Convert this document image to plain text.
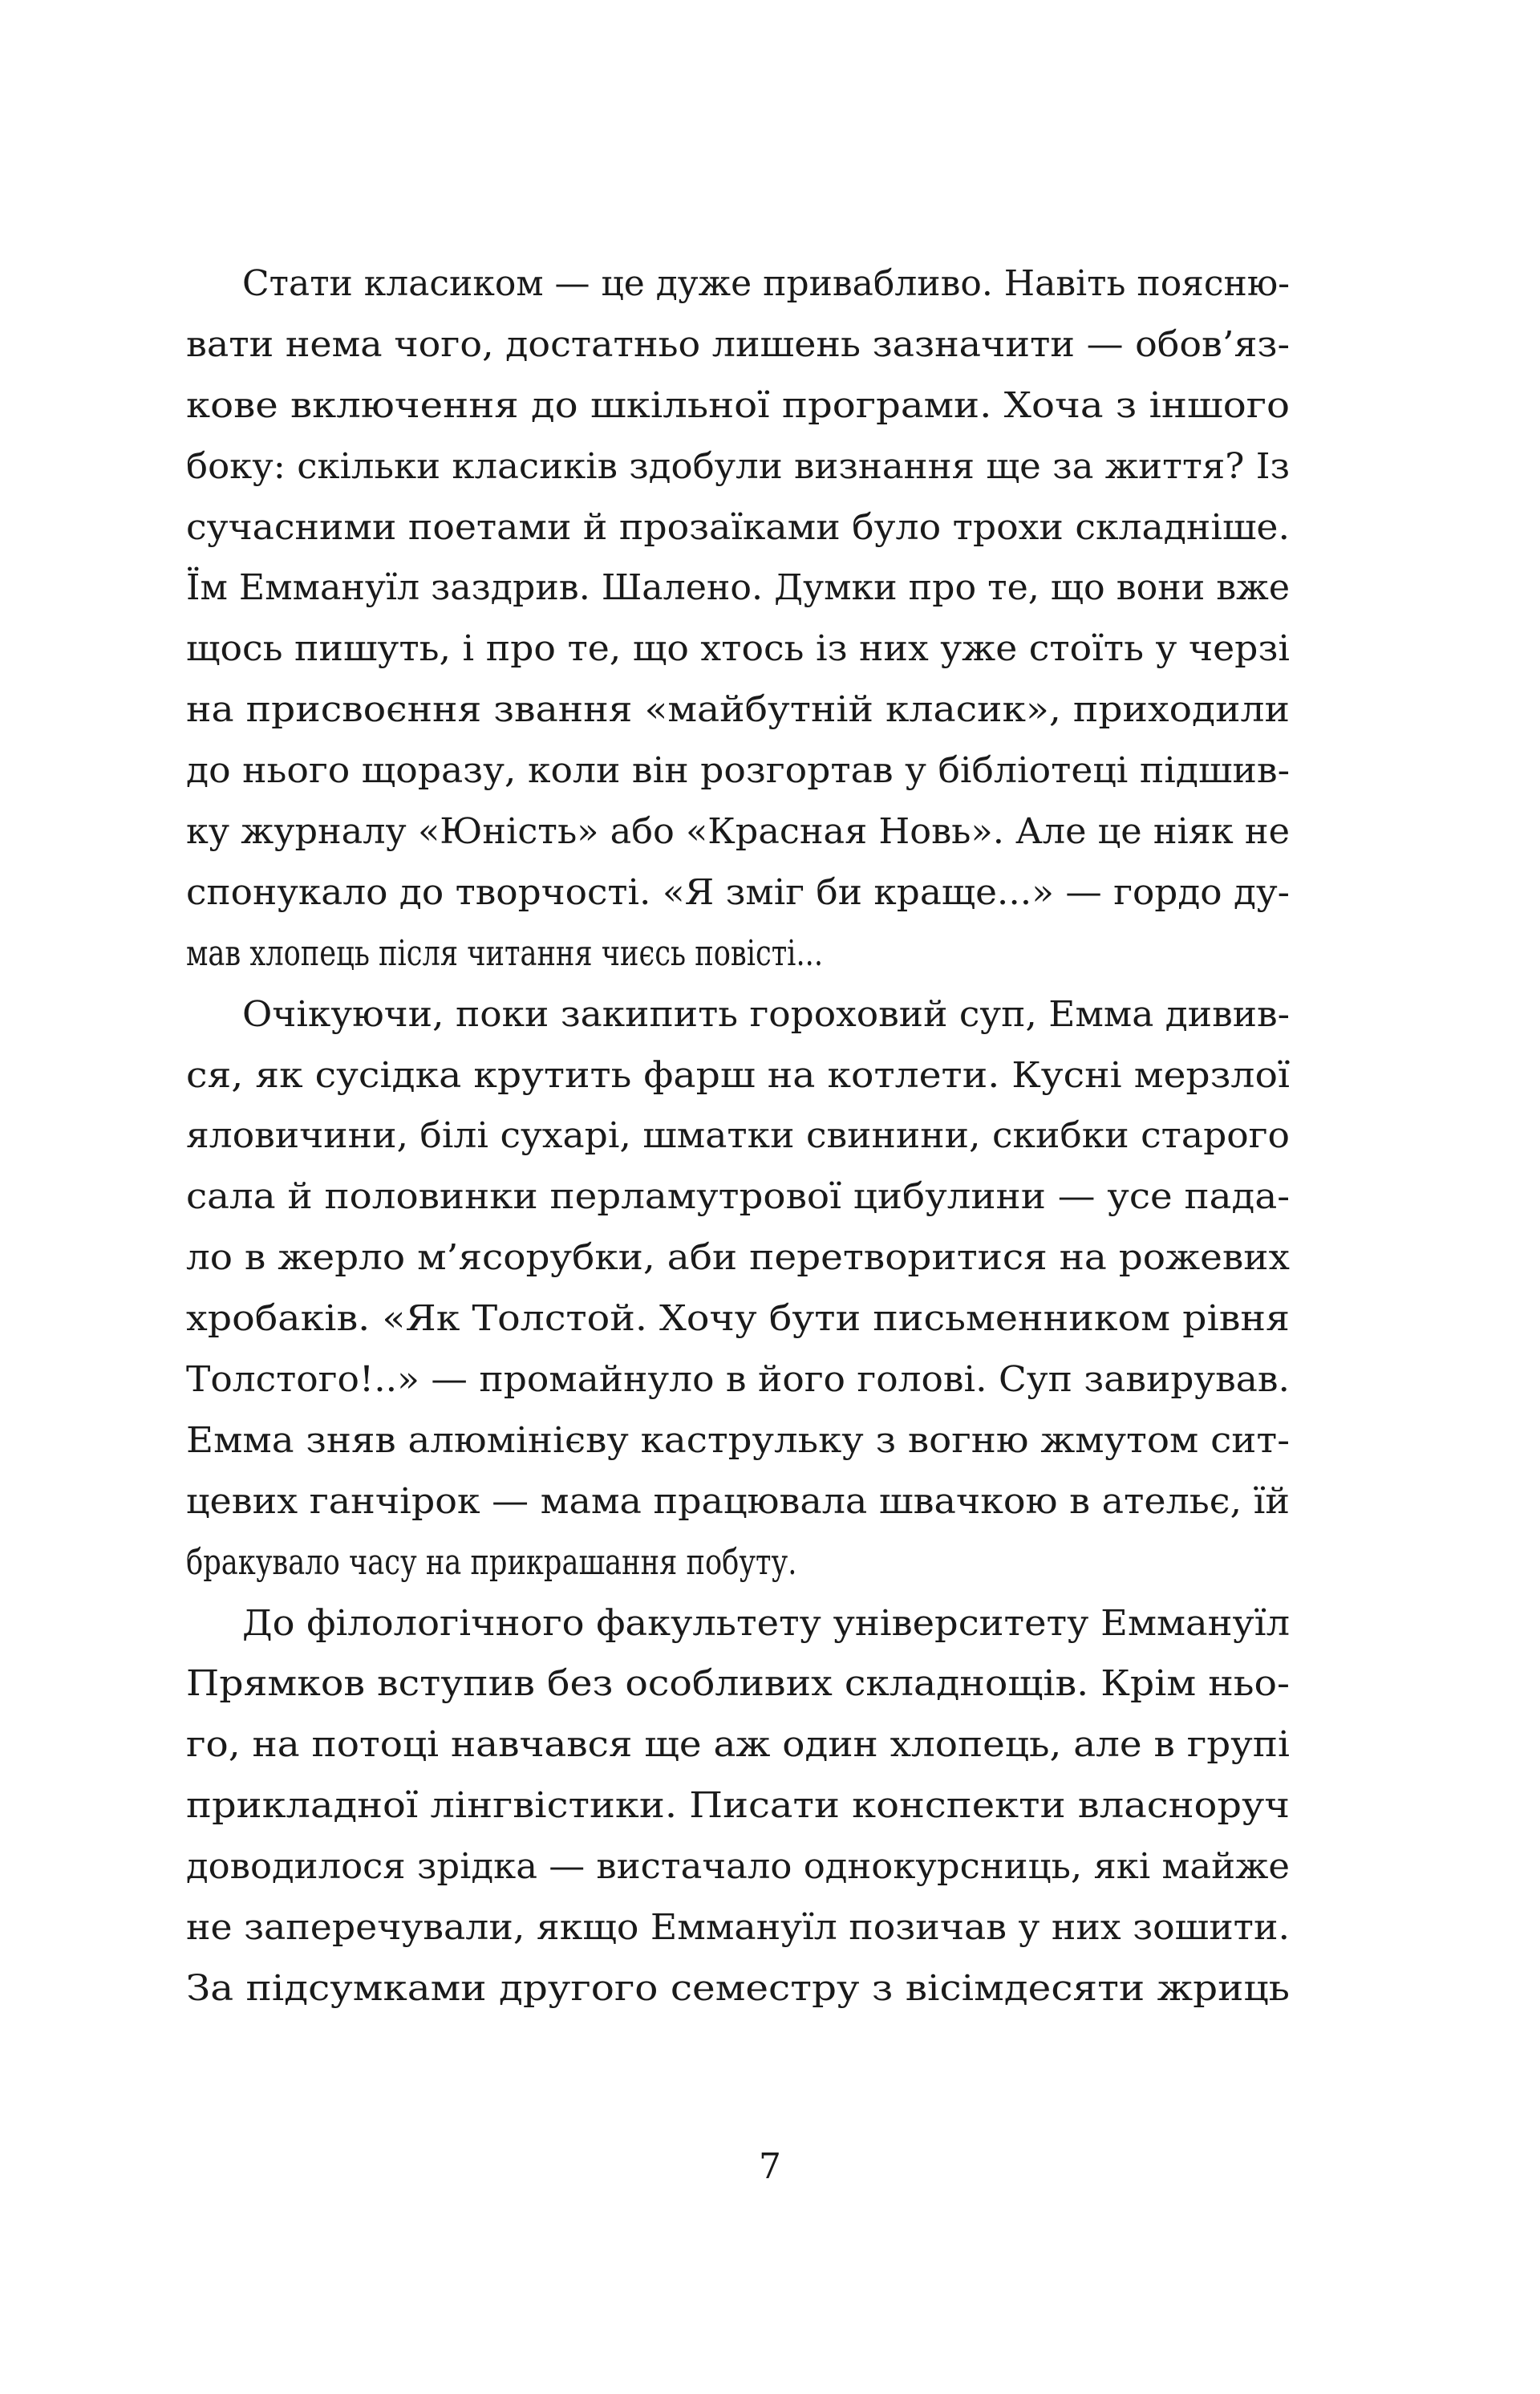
Стати класиком — це дуже привабливо. Навіть поясню-
вати нема чого, достатньо лишень зазначити — обов’яз-
кове включення до шкільної програми. Хоча з іншого
боку: скільки класиків здобули визнання ще за життя? Із
сучасними поетами й прозаїками було трохи складніше.
Їм Еммануїл заздрив. Шалено. Думки про те, що вони вже
щось пишуть, і про те, що хтось із них уже стоїть у черзі
на присвоєння звання «майбутній класик», приходили
до нього щоразу, коли він розгортав у бібліотеці підшив-
ку журналу «Юність» або «Красная Новь». Але це ніяк не
спонукало до творчості. «Я зміг би краще...» — гордо ду-
мав хлопець після читання чиєсь повісті...
Очікуючи, поки закипить гороховий суп, Емма дивив-
ся, як сусідка крутить фарш на котлети. Кусні мерзлої
яловичини, білі сухарі, шматки свинини, скибки старого
сала й половинки перламутрової цибулини — усе пада-
ло в жерло м’ясорубки, аби перетворитися на рожевих
хробаків. «Як Толстой. Хочу бути письменником рівня
Толстого!..» — промайнуло в його голові. Суп завирував.
Емма зняв алюмінієву каструльку з вогню жмутом сит-
цевих ганчірок — мама працювала швачкою в ательє, їй
бракувало часу на прикрашання побуту.
До філологічного факультету університету Еммануїл
Прямков вступив без особливих складнощів. Крім ньо-
го, на потоці навчався ще аж один хлопець, але в групі
прикладної лінгвістики. Писати конспекти власноруч
доводилося зрідка — вистачало однокурсниць, які майже
не заперечували, якщо Еммануїл позичав у них зошити.
За підсумками другого семестру з вісімдесяти жриць
7
